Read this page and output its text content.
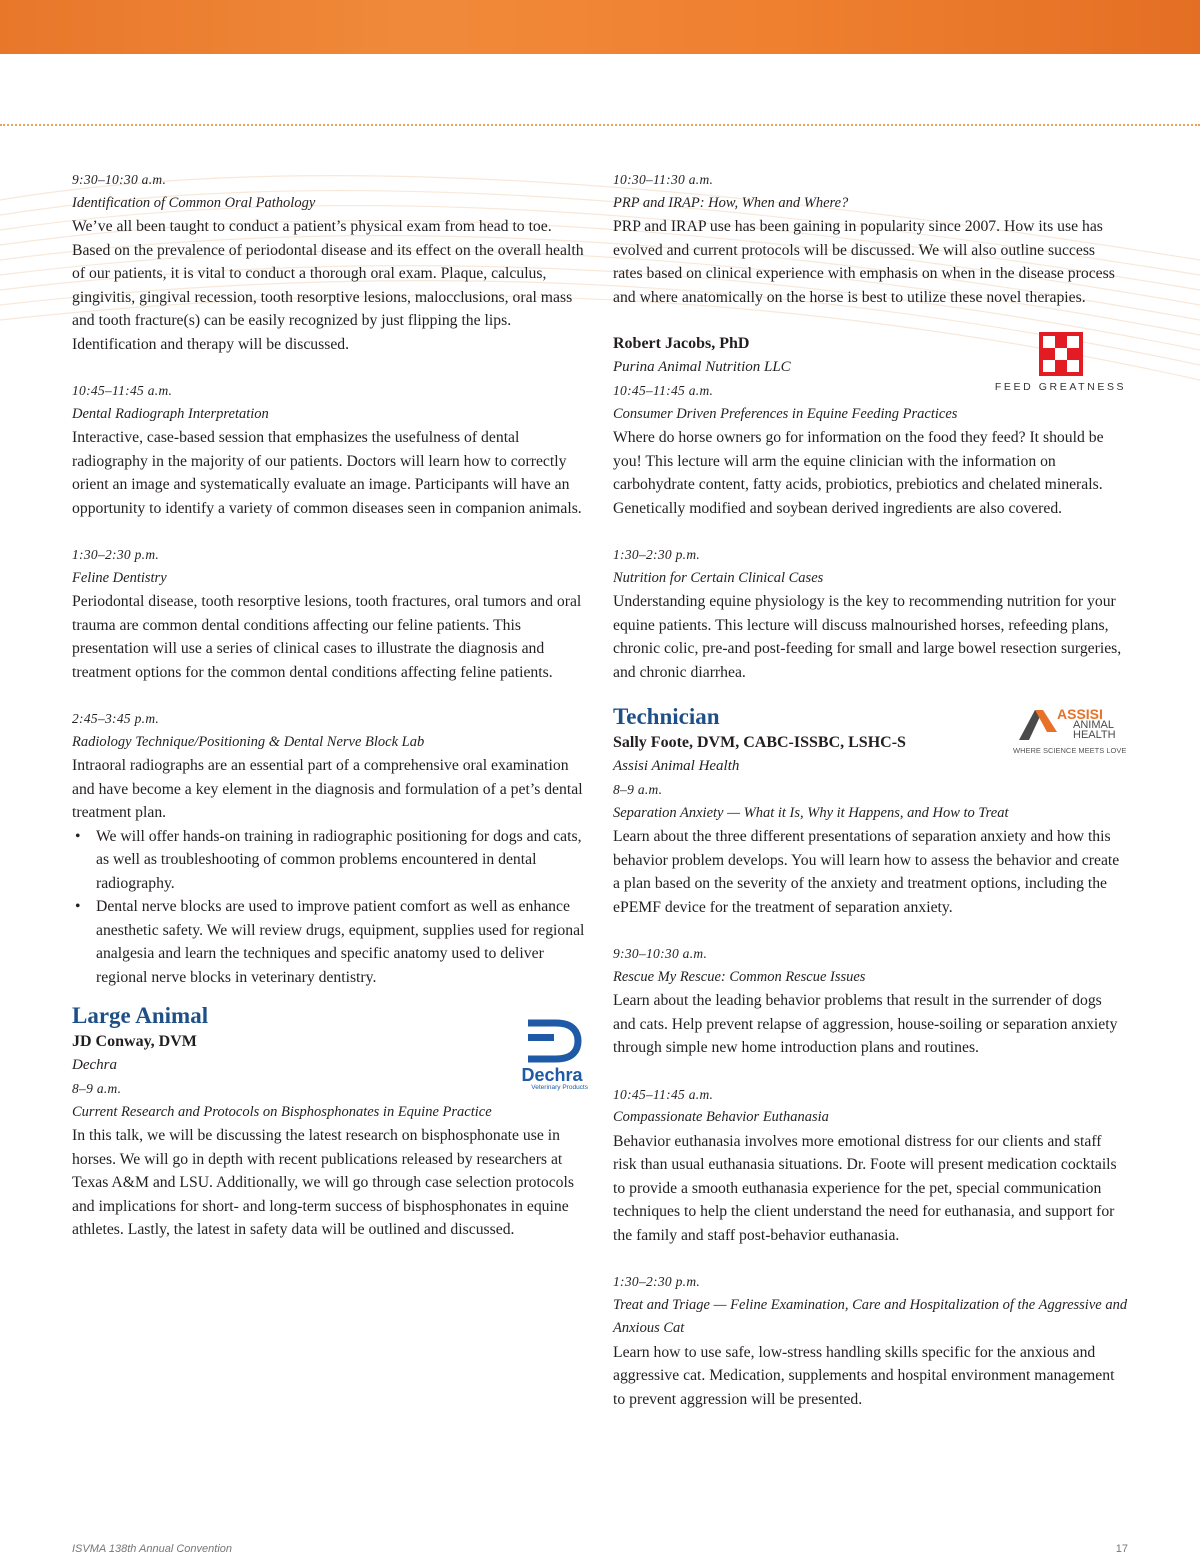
9:30–10:30 a.m.
Identification of Common Oral Pathology
We’ve all been taught to conduct a patient’s physical exam from head to toe. Based on the prevalence of periodontal disease and its effect on the overall health of our patients, it is vital to conduct a thorough oral exam. Plaque, calculus, gingivitis, gingival recession, tooth resorptive lesions, malocclusions, oral mass and tooth fracture(s) can be easily recognized by just flipping the lips. Identification and therapy will be discussed.
10:45–11:45 a.m.
Dental Radiograph Interpretation
Interactive, case-based session that emphasizes the usefulness of dental radiography in the majority of our patients. Doctors will learn how to correctly orient an image and systematically evaluate an image. Participants will have an opportunity to identify a variety of common diseases seen in companion animals.
1:30–2:30 p.m.
Feline Dentistry
Periodontal disease, tooth resorptive lesions, tooth fractures, oral tumors and oral trauma are common dental conditions affecting our feline patients. This presentation will use a series of clinical cases to illustrate the diagnosis and treatment options for the common dental conditions affecting feline patients.
2:45–3:45 p.m.
Radiology Technique/Positioning & Dental Nerve Block Lab
Intraoral radiographs are an essential part of a comprehensive oral examination and have become a key element in the diagnosis and formulation of a pet’s dental treatment plan.
• We will offer hands-on training in radiographic positioning for dogs and cats, as well as troubleshooting of common problems encountered in dental radiography.
• Dental nerve blocks are used to improve patient comfort as well as enhance anesthetic safety. We will review drugs, equipment, supplies used for regional analgesia and learn the techniques and specific anatomy used to deliver regional nerve blocks in veterinary dentistry.
Dechra
Veterinary Products
Large Animal
JD Conway, DVM
Dechra
8–9 a.m.
Current Research and Protocols on Bisphosphonates in Equine Practice
In this talk, we will be discussing the latest research on bisphosphonate use in horses. We will go in depth with recent publications released by researchers at Texas A&M and LSU. Additionally, we will go through case selection protocols and implications for short- and long-term success of bisphosphonates in equine athletes. Lastly, the latest in safety data will be outlined and discussed.
10:30–11:30 a.m.
PRP and IRAP: How, When and Where?
PRP and IRAP use has been gaining in popularity since 2007. How its use has evolved and current protocols will be discussed. We will also outline success rates based on clinical experience with emphasis on when in the disease process and where anatomically on the horse is best to utilize these novel therapies.
FEED GREATNESS
Robert Jacobs, PhD
Purina Animal Nutrition LLC
10:45–11:45 a.m.
Consumer Driven Preferences in Equine Feeding Practices
Where do horse owners go for information on the food they feed? It should be you! This lecture will arm the equine clinician with the information on carbohydrate content, fatty acids, probiotics, prebiotics and chelated minerals. Genetically modified and soybean derived ingredients are also covered.
1:30–2:30 p.m.
Nutrition for Certain Clinical Cases
Understanding equine physiology is the key to recommending nutrition for your equine patients. This lecture will discuss malnourished horses, refeeding plans, chronic colic, pre-and post-feeding for small and large bowel resection surgeries, and chronic diarrhea.
ASSISI
ANIMAL
HEALTH
WHERE SCIENCE MEETS LOVE
Technician
Sally Foote, DVM, CABC-ISSBC, LSHC-S
Assisi Animal Health
8–9 a.m.
Separation Anxiety — What it Is, Why it Happens, and How to Treat
Learn about the three different presentations of separation anxiety and how this behavior problem develops. You will learn how to assess the behavior and create a plan based on the severity of the anxiety and treatment options, including the ePEMF device for the treatment of separation anxiety.
9:30–10:30 a.m.
Rescue My Rescue: Common Rescue Issues
Learn about the leading behavior problems that result in the surrender of dogs and cats. Help prevent relapse of aggression, house-soiling or separation anxiety through simple new home introduction plans and routines.
10:45–11:45 a.m.
Compassionate Behavior Euthanasia
Behavior euthanasia involves more emotional distress for our clients and staff risk than usual euthanasia situations. Dr. Foote will present medication cocktails to provide a smooth euthanasia experience for the pet, special communication techniques to help the client understand the need for euthanasia, and support for the family and staff post-behavior euthanasia.
1:30–2:30 p.m.
Treat and Triage — Feline Examination, Care and Hospitalization of the Aggressive and Anxious Cat
Learn how to use safe, low-stress handling skills specific for the anxious and aggressive cat. Medication, supplements and hospital environment management to prevent aggression will be presented.
ISVMA 138th Annual Convention	17
